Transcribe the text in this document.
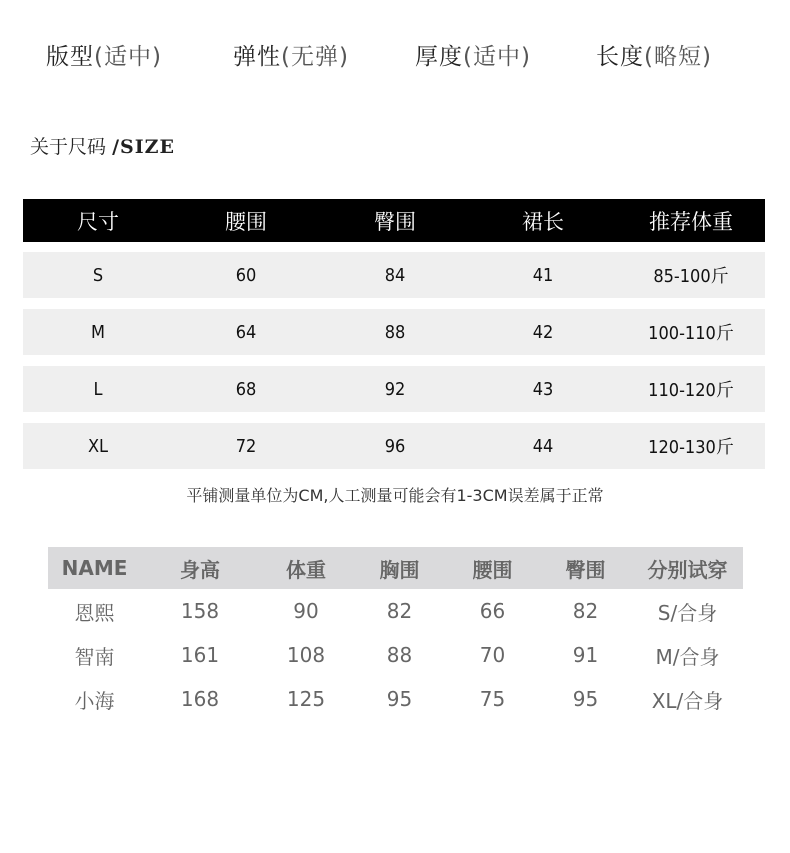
版型(适中)	弹性(无弹)	厚度(适中)	长度(略短)
关于尺码 /SIZE
尺寸	腰围	臀围	裙长	推荐体重
S	60	84	41	85-100斤
M	64	88	42	100-110斤
L	68	92	43	110-120斤
XL	72	96	44	120-130斤
平铺测量单位为CM,人工测量可能会有1-3CM误差属于正常
NAME	身高	体重	胸围	腰围	臀围	分别试穿
恩熙	158	90	82	66	82	S/合身
智南	161	108	88	70	91	M/合身
小海	168	125	95	75	95	XL/合身
